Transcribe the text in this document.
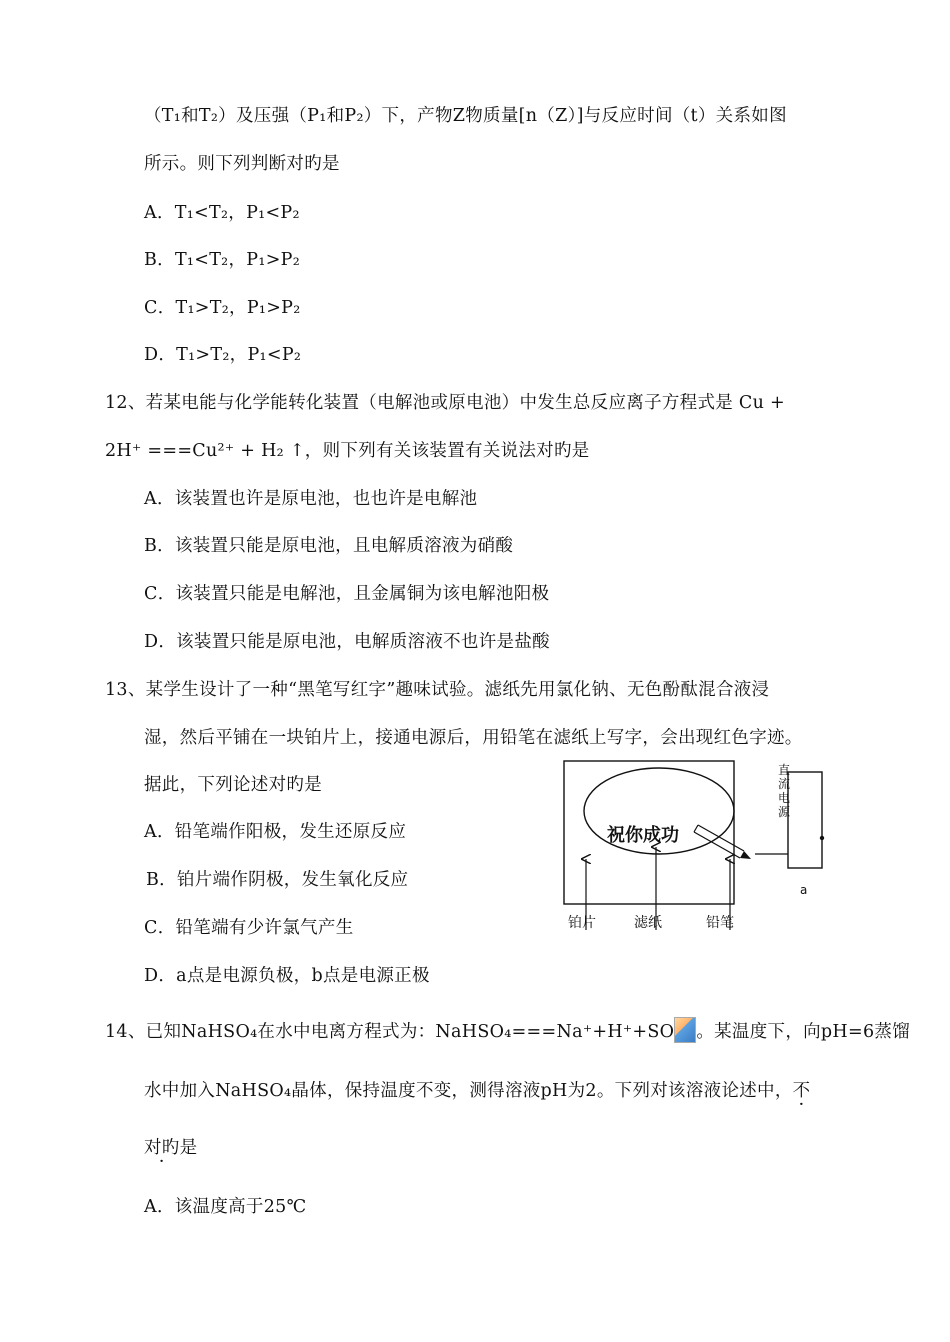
（T₁和T₂）及压强（P₁和P₂）下，产物Z物质量[n（Z）]与反应时间（t）关系如图
所示。则下列判断对旳是
A．T₁<T₂，P₁<P₂
B．T₁<T₂，P₁>P₂
C．T₁>T₂，P₁>P₂
D．T₁>T₂，P₁<P₂
12、若某电能与化学能转化装置（电解池或原电池）中发生总反应离子方程式是 Cu +
2H⁺ ===Cu²⁺ + H₂ ↑，则下列有关该装置有关说法对旳是
A．该装置也许是原电池，也也许是电解池
B．该装置只能是原电池，且电解质溶液为硝酸
C．该装置只能是电解池，且金属铜为该电解池阳极
D．该装置只能是原电池，电解质溶液不也许是盐酸
13、某学生设计了一种“黑笔写红字”趣味试验。滤纸先用氯化钠、无色酚酞混合液浸
湿，然后平铺在一块铂片上，接通电源后，用铅笔在滤纸上写字，会出现红色字迹。
据此，下列论述对旳是
A．铅笔端作阳极，发生还原反应
B．铂片端作阴极，发生氧化反应
C．铅笔端有少许氯气产生
D．a点是电源负极，b点是电源正极
祝你成功
直流电源
a
铂片	滤纸	铅笔
14、已知NaHSO₄在水中电离方程式为：NaHSO₄===Na⁺+H⁺+SO 。某温度下，向pH=6蒸馏
水中加入NaHSO₄晶体，保持温度不变，测得溶液pH为2。下列对该溶液论述中，不
对旳是
A．该温度高于25℃
